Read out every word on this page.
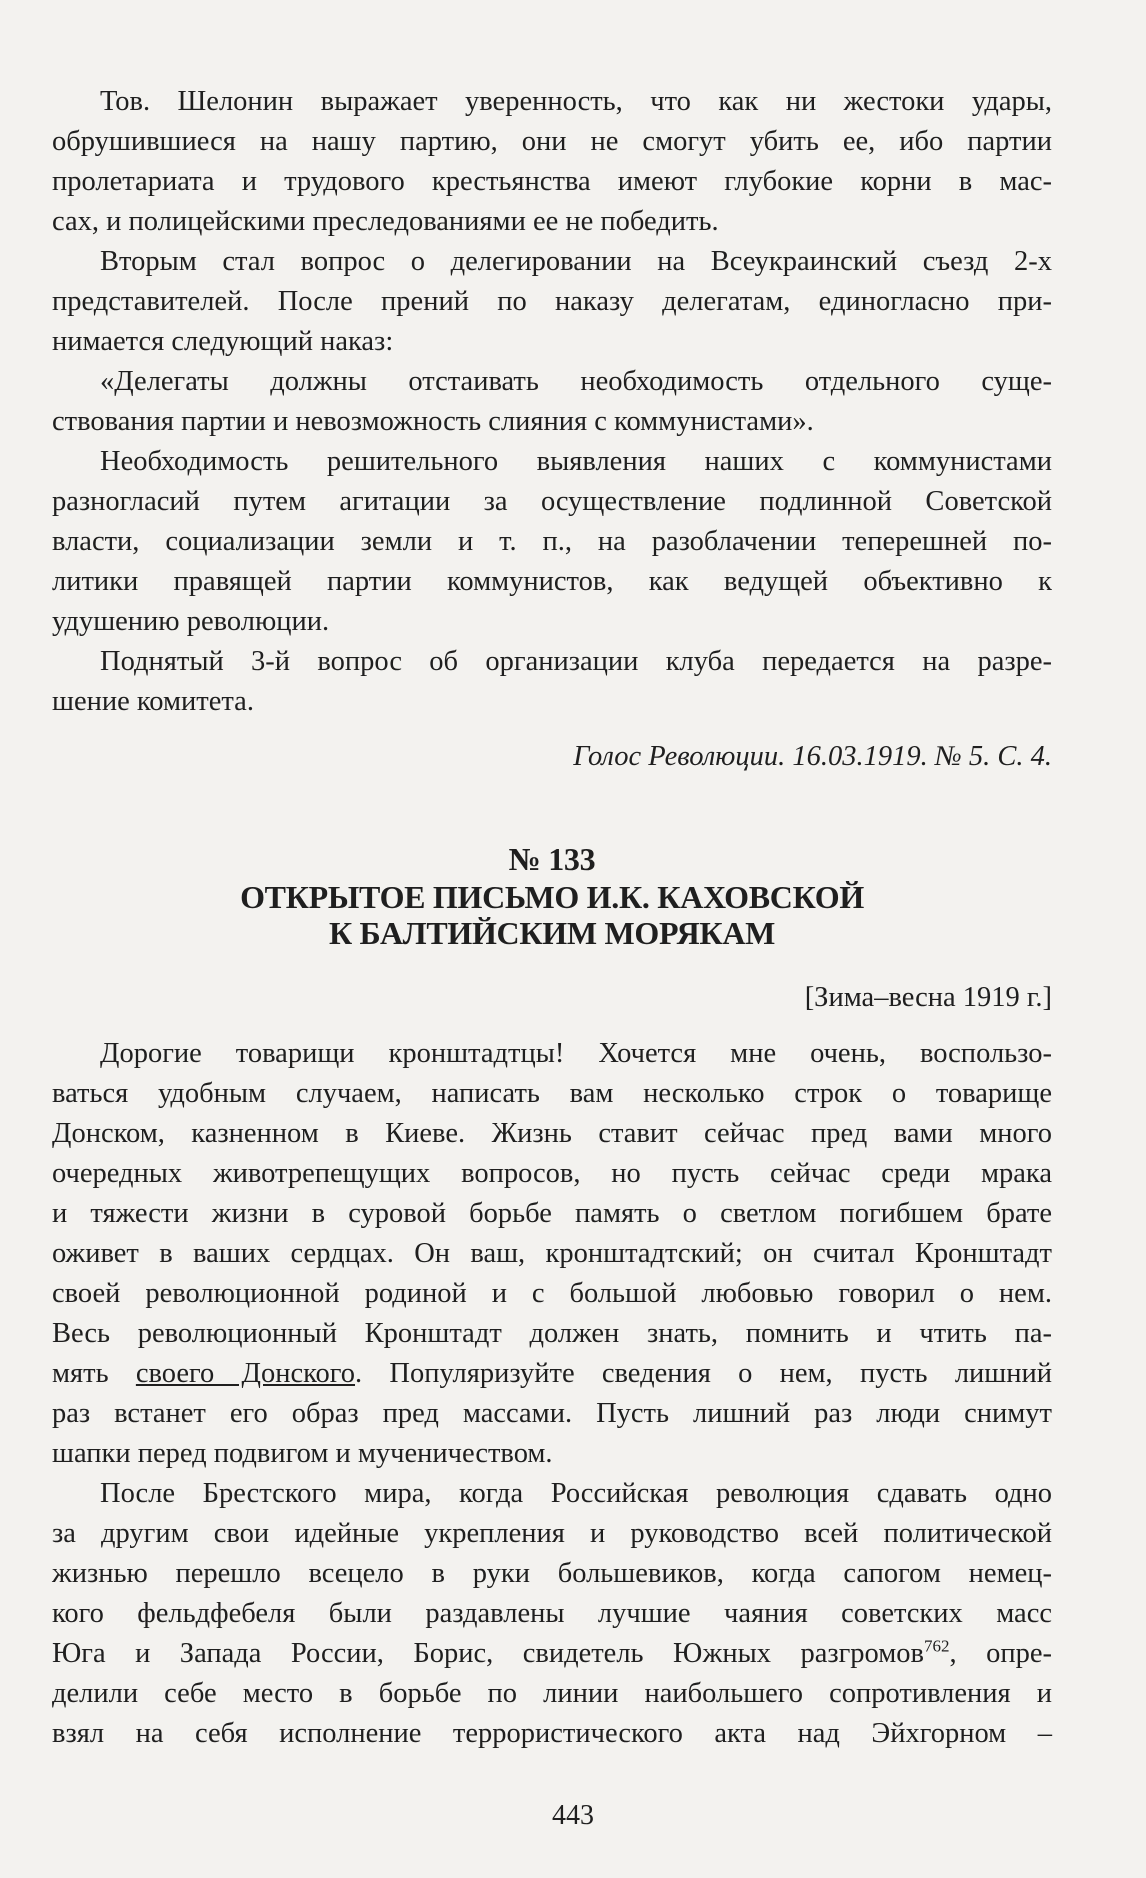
Тов. Шелонин выражает уверенность, что как ни жестоки удары,
обрушившиеся на нашу партию, они не смогут убить ее, ибо партии
пролетариата и трудового крестьянства имеют глубокие корни в мас-
сах, и полицейскими преследованиями ее не победить.
Вторым стал вопрос о делегировании на Всеукраинский съезд 2-х
представителей. После прений по наказу делегатам, единогласно при-
нимается следующий наказ:
«Делегаты должны отстаивать необходимость отдельного суще-
ствования партии и невозможность слияния с коммунистами».
Необходимость решительного выявления наших с коммунистами
разногласий путем агитации за осуществление подлинной Советской
власти, социализации земли и т. п., на разоблачении теперешней по-
литики правящей партии коммунистов, как ведущей объективно к
удушению революции.
Поднятый 3-й вопрос об организации клуба передается на разре-
шение комитета.
Голос Революции. 16.03.1919. № 5. С. 4.
№ 133
ОТКРЫТОЕ ПИСЬМО И.К. КАХОВСКОЙ
К БАЛТИЙСКИМ МОРЯКАМ
[Зима–весна 1919 г.]
Дорогие товарищи кронштадтцы! Хочется мне очень, воспользо-
ваться удобным случаем, написать вам несколько строк о товарище
Донском, казненном в Киеве. Жизнь ставит сейчас пред вами много
очередных животрепещущих вопросов, но пусть сейчас среди мрака
и тяжести жизни в суровой борьбе память о светлом погибшем брате
оживет в ваших сердцах. Он ваш, кронштадтский; он считал Кронштадт
своей революционной родиной и с большой любовью говорил о нем.
Весь революционный Кронштадт должен знать, помнить и чтить па-
мять своего Донского. Популяризуйте сведения о нем, пусть лишний
раз встанет его образ пред массами. Пусть лишний раз люди снимут
шапки перед подвигом и мученичеством.
После Брестского мира, когда Российская революция сдавать одно
за другим свои идейные укрепления и руководство всей политической
жизнью перешло всецело в руки большевиков, когда сапогом немец-
кого фельдфебеля были раздавлены лучшие чаяния советских масс
Юга и Запада России, Борис, свидетель Южных разгромов$^{762}$, опре-
делили себе место в борьбе по линии наибольшего сопротивления и
взял на себя исполнение террористического акта над Эйхгорном –
443
